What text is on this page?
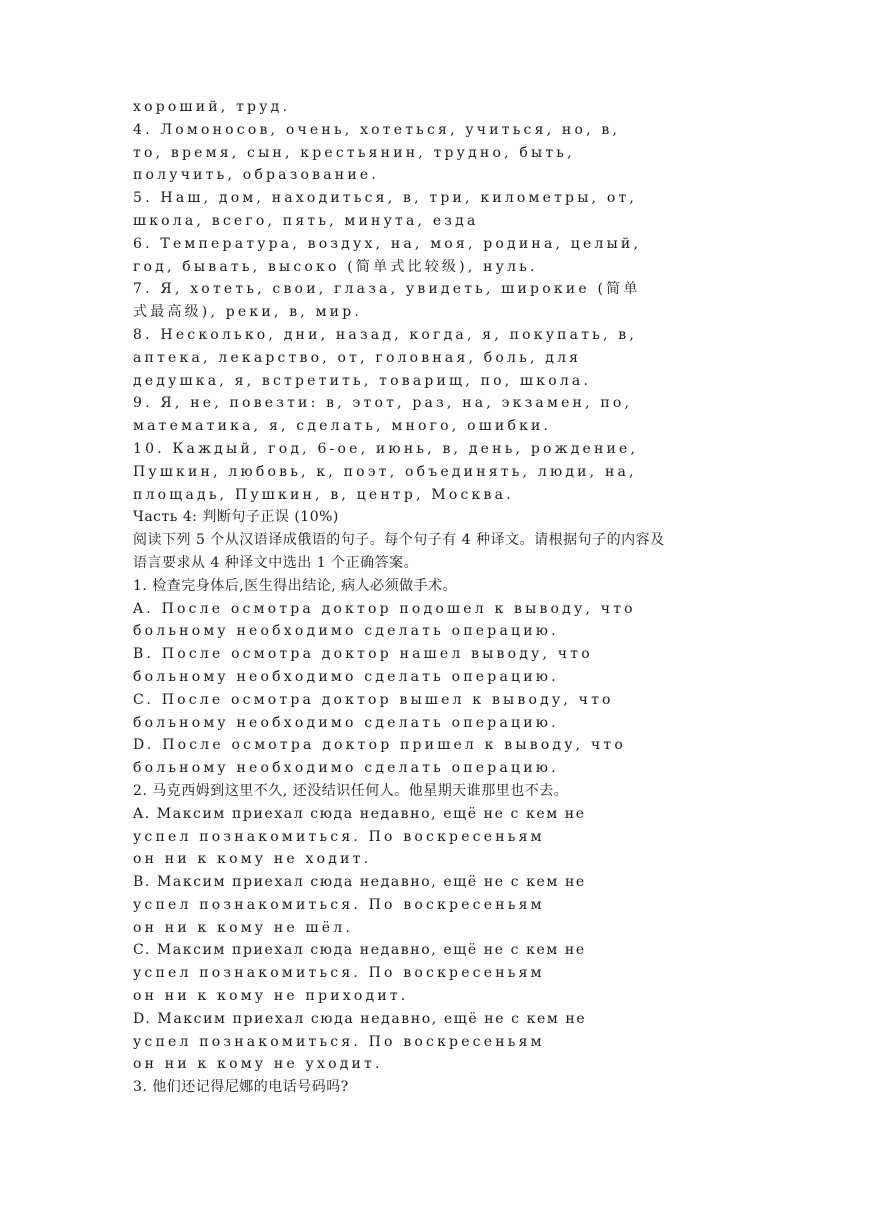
хороший, труд.
4. Ломоносов, очень, хотеться, учиться, но, в,
то, время, сын, крестьянин, трудно, быть,
получить, образование.
5. Наш, дом, находиться, в, три, километры, от,
школа, всего, пять, минута, езда
6. Температура, воздух, на, моя, родина, целый,
год, бывать, высоко (简单式比较级), нуль.
7. Я, хотеть, свои, глаза, увидеть, широкие (简单
式最高级), реки, в, мир.
8. Несколько, дни, назад, когда, я, покупать, в,
аптека, лекарство, от, головная, боль, для
дедушка, я, встретить, товарищ, по, школа.
9. Я, не, повезти: в, этот, раз, на, экзамен, по,
математика, я, сделать, много, ошибки.
10. Каждый, год, 6-ое, июнь, в, день, рождение,
Пушкин, любовь, к, поэт, объединять, люди, на,
площадь, Пушкин, в, центр, Москва.
Часть 4: 判断句子正误 (10%)
阅读下列 5 个从汉语译成俄语的句子。每个句子有 4 种译文。请根据句子的内容及
语言要求从 4 种译文中选出 1 个正确答案。
1. 检查完身体后,医生得出结论, 病人必须做手术。
A. После осмотра доктор подошел к выводу, что
больному необходимо сделать операцию.
B. После осмотра доктор нашел выводу, что
больному необходимо сделать операцию.
C. После осмотра доктор вышел к выводу, что
больному необходимо сделать операцию.
D. После осмотра доктор пришел к выводу, что
больному необходимо сделать операцию.
2. 马克西姆到这里不久, 还没结识任何人。他星期天谁那里也不去。
A. Максим приехал сюда недавно, ещё не с кем не
успел познакомиться. По воскресеньям
он ни к кому не ходит.
B. Максим приехал сюда недавно, ещё не с кем не
успел познакомиться. По воскресеньям
он ни к кому не шёл.
C. Максим приехал сюда недавно, ещё не с кем не
успел познакомиться. По воскресеньям
он ни к кому не приходит.
D. Максим приехал сюда недавно, ещё не с кем не
успел познакомиться. По воскресеньям
он ни к кому не уходит.
3. 他们还记得尼娜的电话号码吗?
